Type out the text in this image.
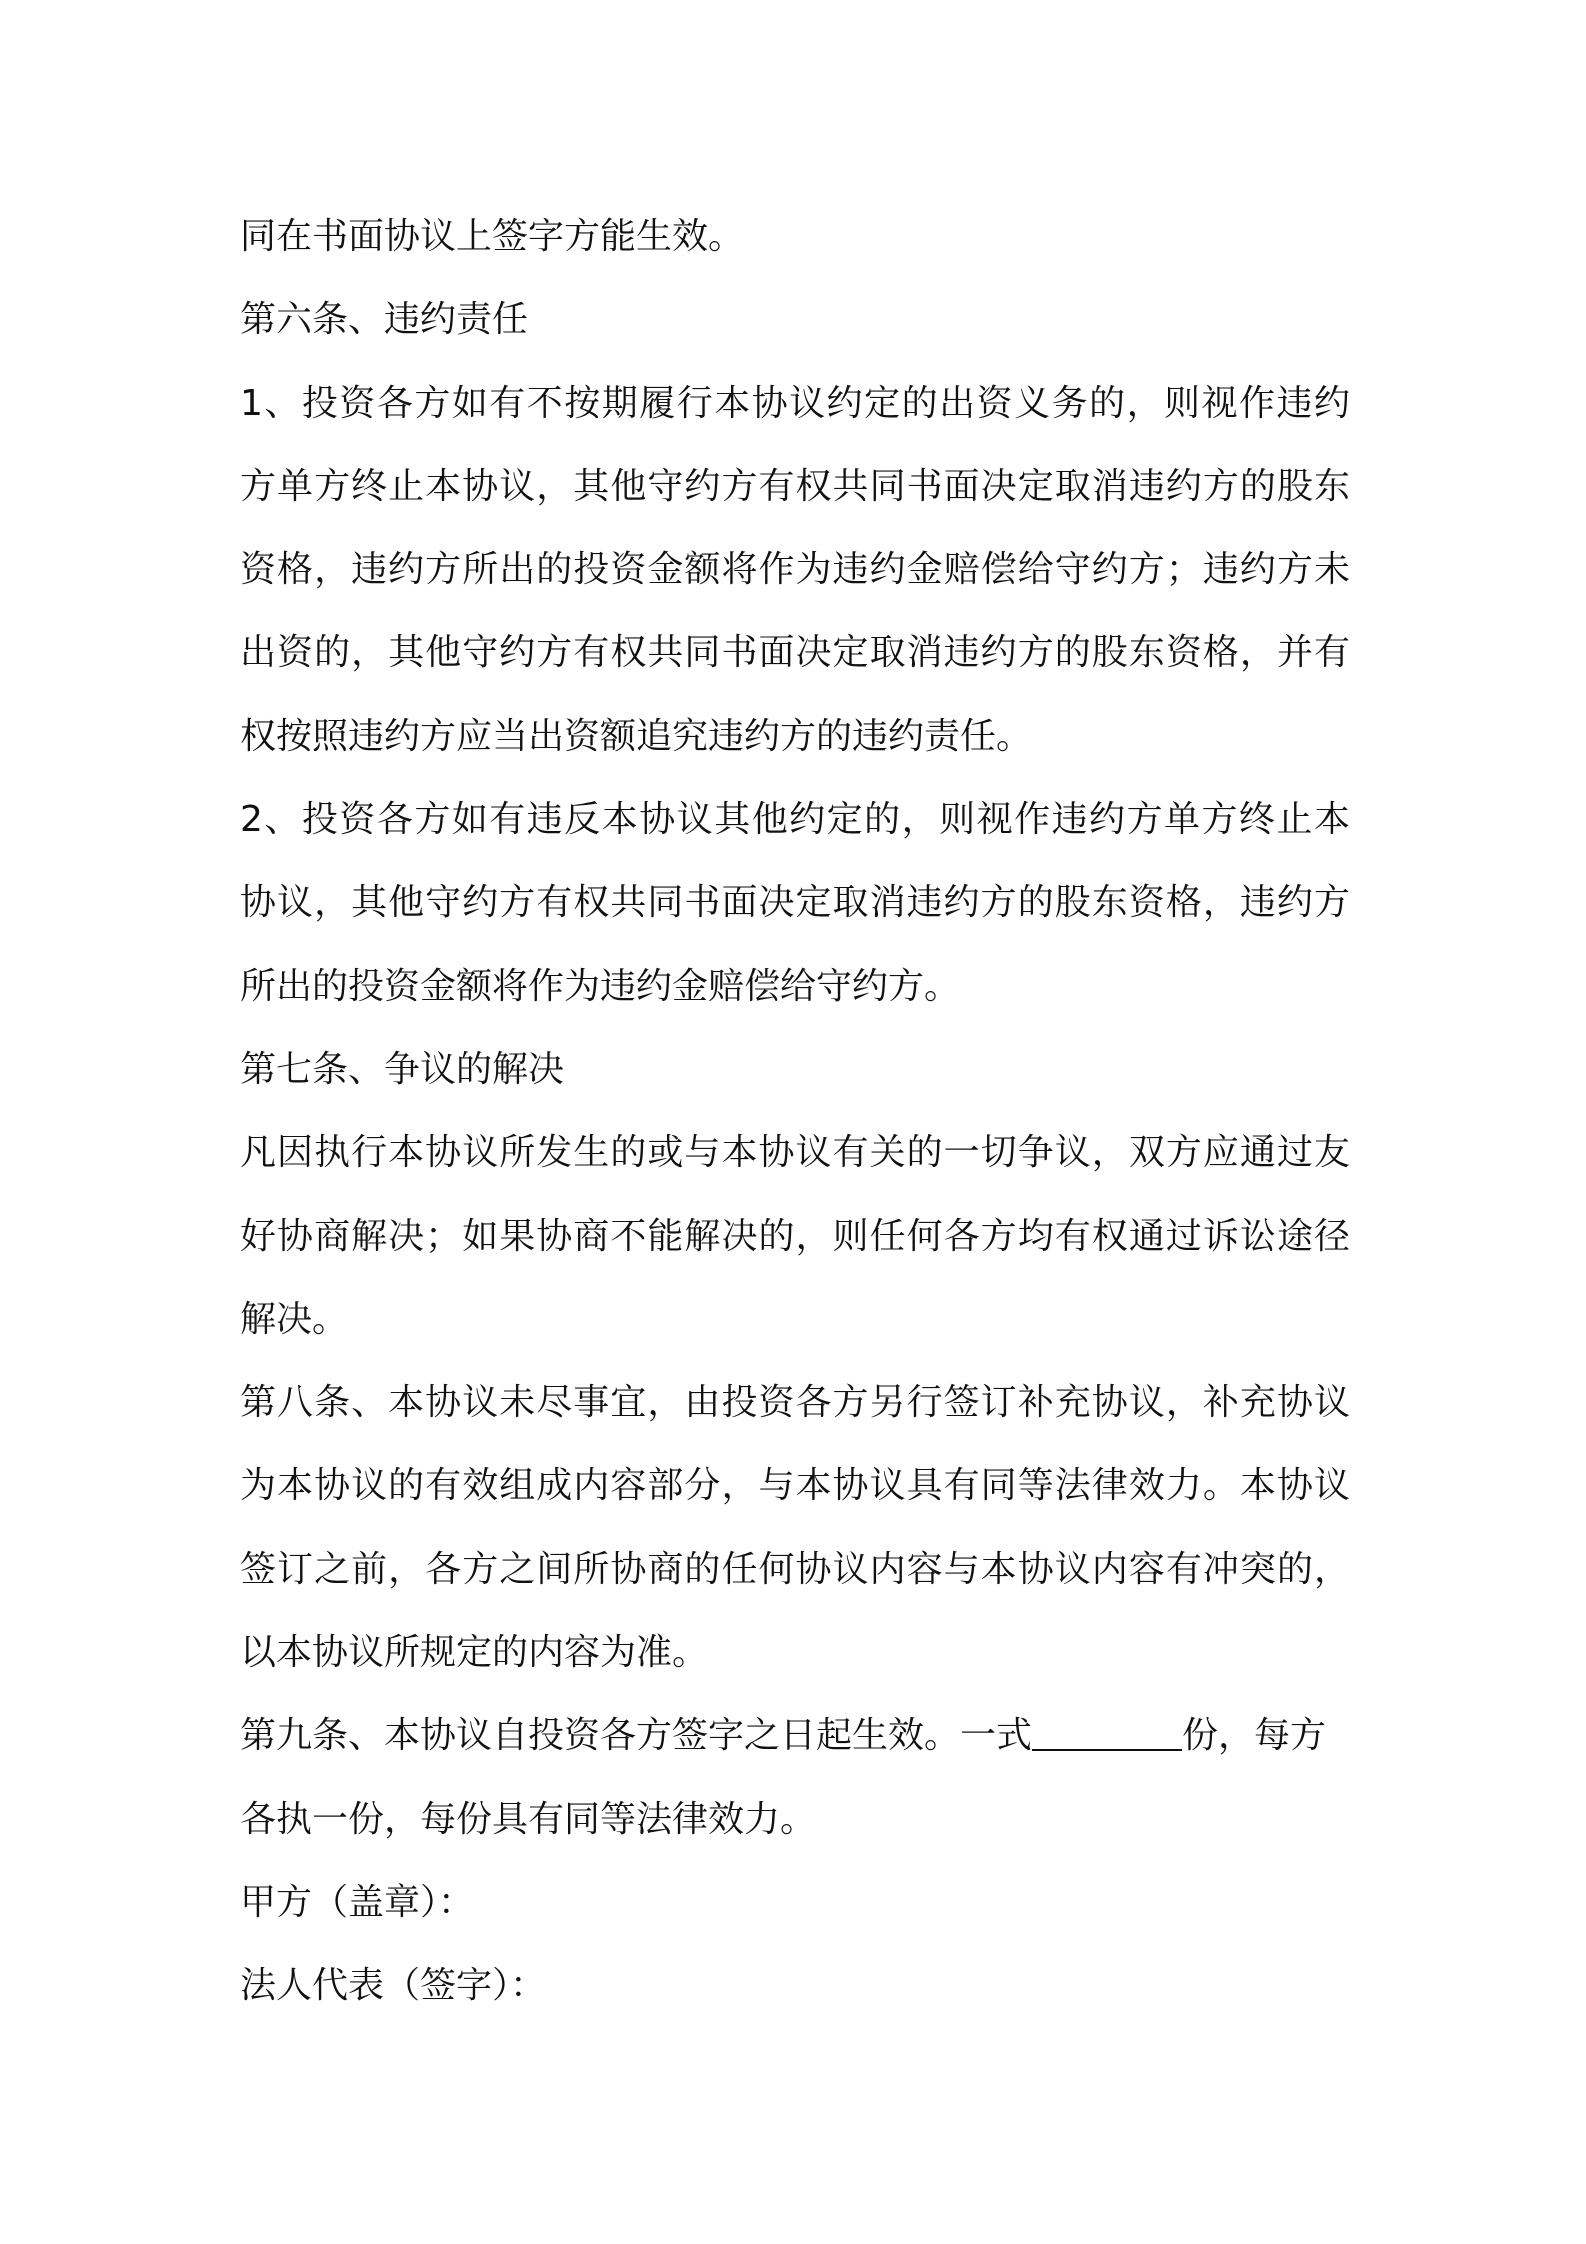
同在书面协议上签字方能生效。
第六条、违约责任
1、投资各方如有不按期履行本协议约定的出资义务的，则视作违约
方单方终止本协议，其他守约方有权共同书面决定取消违约方的股东
资格，违约方所出的投资金额将作为违约金赔偿给守约方；违约方未
出资的，其他守约方有权共同书面决定取消违约方的股东资格，并有
权按照违约方应当出资额追究违约方的违约责任。
2、投资各方如有违反本协议其他约定的，则视作违约方单方终止本
协议，其他守约方有权共同书面决定取消违约方的股东资格，违约方
所出的投资金额将作为违约金赔偿给守约方。
第七条、争议的解决
凡因执行本协议所发生的或与本协议有关的一切争议，双方应通过友
好协商解决；如果协商不能解决的，则任何各方均有权通过诉讼途径
解决。
第八条、本协议未尽事宜，由投资各方另行签订补充协议，补充协议
为本协议的有效组成内容部分，与本协议具有同等法律效力。本协议
签订之前，各方之间所协商的任何协议内容与本协议内容有冲突的，
以本协议所规定的内容为准。
第九条、本协议自投资各方签字之日起生效。一式	份，每方
各执一份，每份具有同等法律效力。
甲方（盖章）：
法人代表（签字）：
